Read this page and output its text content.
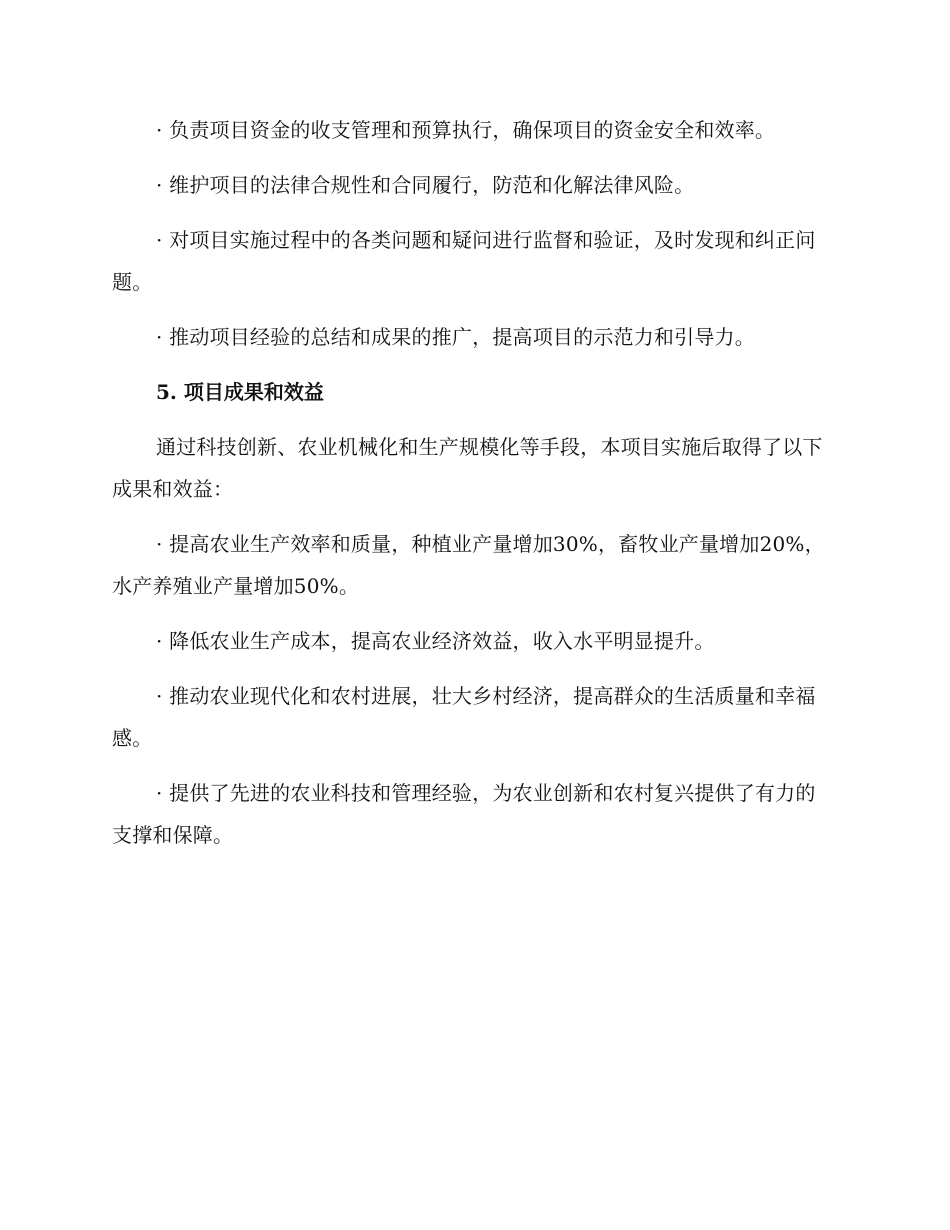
· 负责项目资金的收支管理和预算执行，确保项目的资金安全和效率。

· 维护项目的法律合规性和合同履行，防范和化解法律风险。

· 对项目实施过程中的各类问题和疑问进行监督和验证，及时发现和纠正问题。

· 推动项目经验的总结和成果的推广，提高项目的示范力和引导力。

5. 项目成果和效益

通过科技创新、农业机械化和生产规模化等手段，本项目实施后取得了以下成果和效益：

· 提高农业生产效率和质量，种植业产量增加30%，畜牧业产量增加20%，水产养殖业产量增加50%。

· 降低农业生产成本，提高农业经济效益，收入水平明显提升。

· 推动农业现代化和农村进展，壮大乡村经济，提高群众的生活质量和幸福感。

· 提供了先进的农业科技和管理经验，为农业创新和农村复兴提供了有力的支撑和保障。
